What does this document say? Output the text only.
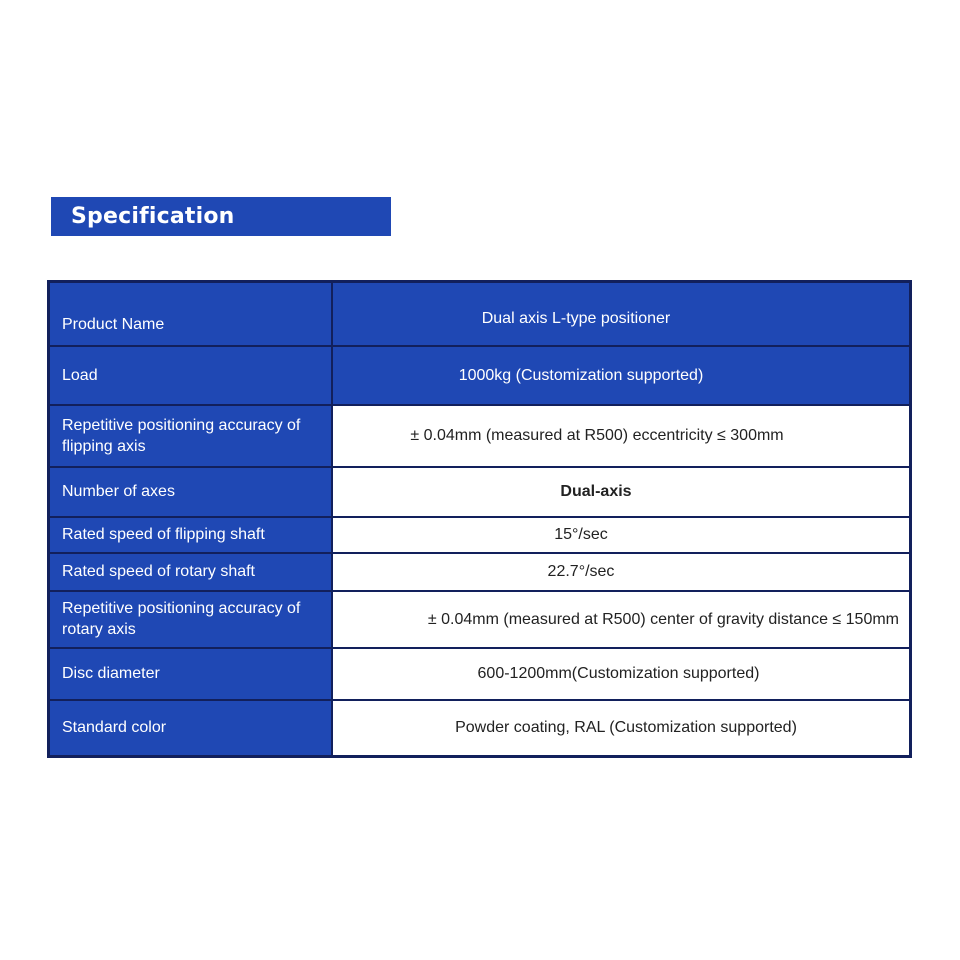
Specification
Product Name	Dual axis L-type positioner
Load	1000kg (Customization supported)
Repetitive positioning accuracy of flipping axis	± 0.04mm (measured at R500) eccentricity ≤ 300mm
Number of axes	Dual-axis
Rated speed of flipping shaft	15°/sec
Rated speed of rotary shaft	22.7°/sec
Repetitive positioning accuracy of rotary axis	± 0.04mm (measured at R500) center of gravity distance ≤ 150mm
Disc diameter	600-1200mm(Customization supported)
Standard color	Powder coating, RAL (Customization supported)
